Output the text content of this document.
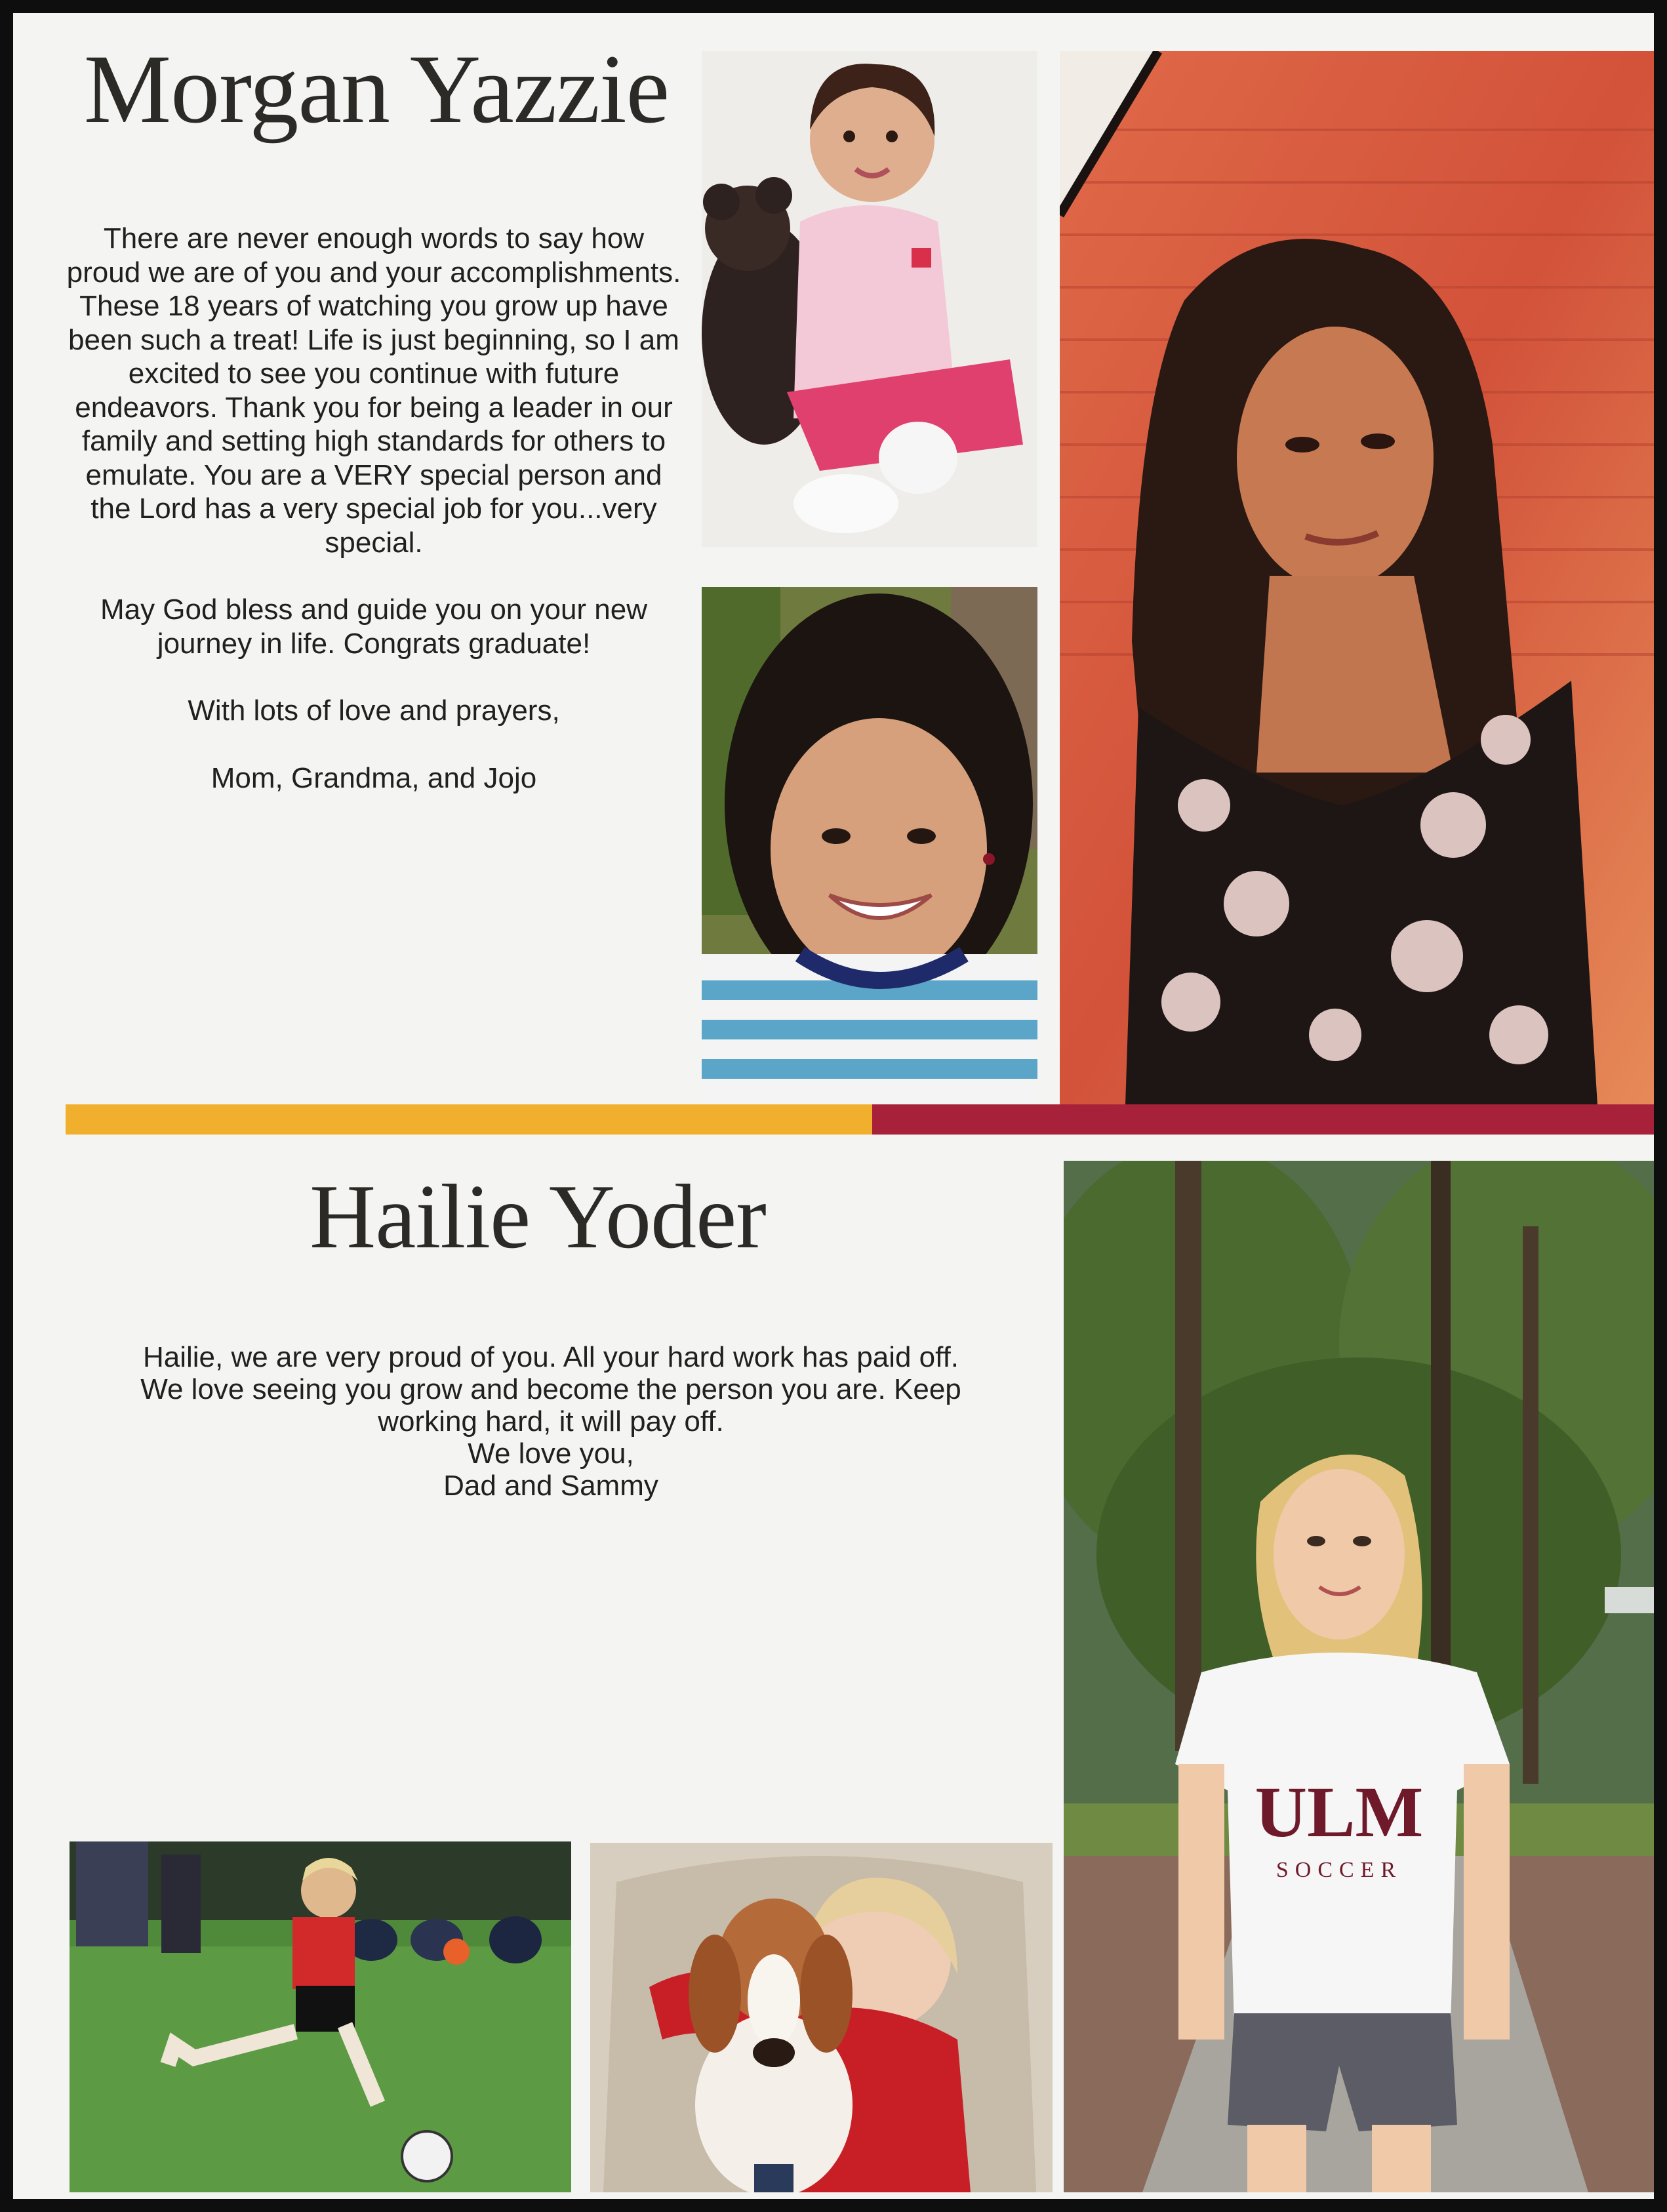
Morgan Yazzie

There are never enough words to say how proud we are of you and your accomplishments. These 18 years of watching you grow up have been such a treat! Life is just beginning, so I am excited to see you continue with future endeavors. Thank you for being a leader in our family and setting high standards for others to emulate. You are a VERY special person and the Lord has a very special job for you...very special.

May God bless and guide you on your new journey in life. Congrats graduate!

With lots of love and prayers,

Mom, Grandma, and Jojo

Hailie Yoder

Hailie, we are very proud of you. All your hard work has paid off.

We love seeing you grow and become the person you are. Keep

working hard, it will pay off.

We love you,

Dad and Sammy

ULM
SOCCER
